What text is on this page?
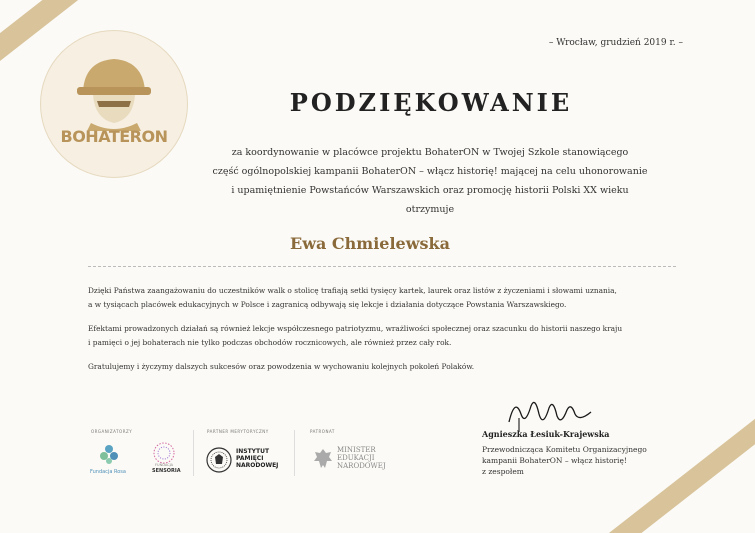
BOHATERON
– Wrocław, grudzień 2019 r. –
PODZIĘKOWANIE
za koordynowanie w placówce projektu BohaterON w Twojej Szkole stanowiącego
część ogólnopolskiej kampanii BohaterON – włącz historię! mającej na celu uhonorowanie
i upamiętnienie Powstańców Warszawskich oraz promocję historii Polski XX wieku
otrzymuje
Ewa Chmielewska

Dzięki Państwa zaangażowaniu do uczestników walk o stolicę trafiają setki tysięcy kartek, laurek oraz listów z życzeniami i słowami uznania,
a w tysiącach placówek edukacyjnych w Polsce i zagranicą odbywają się lekcje i działania dotyczące Powstania Warszawskiego.

Efektami prowadzonych działań są również lekcje współczesnego patriotyzmu, wrażliwości społecznej oraz szacunku do historii naszego kraju
i pamięci o jej bohaterach nie tylko podczas obchodów rocznicowych, ale również przez cały rok.

Gratulujemy i życzymy dalszych sukcesów oraz powodzenia w wychowaniu kolejnych pokoleń Polaków.

Agnieszka Łesiuk-Krajewska
Przewodnicząca Komitetu Organizacyjnego
kampanii BohaterON – włącz historię!
z zespołem
ORGANIZATORZY	PARTNER MERYTORYCZNY	PATRONAT
Fundacja Rosa
FUNDACJA
SENSORIA
INSTYTUT
PAMIĘCI
NARODOWEJ
MINISTER
EDUKACJI
NARODOWEJ
